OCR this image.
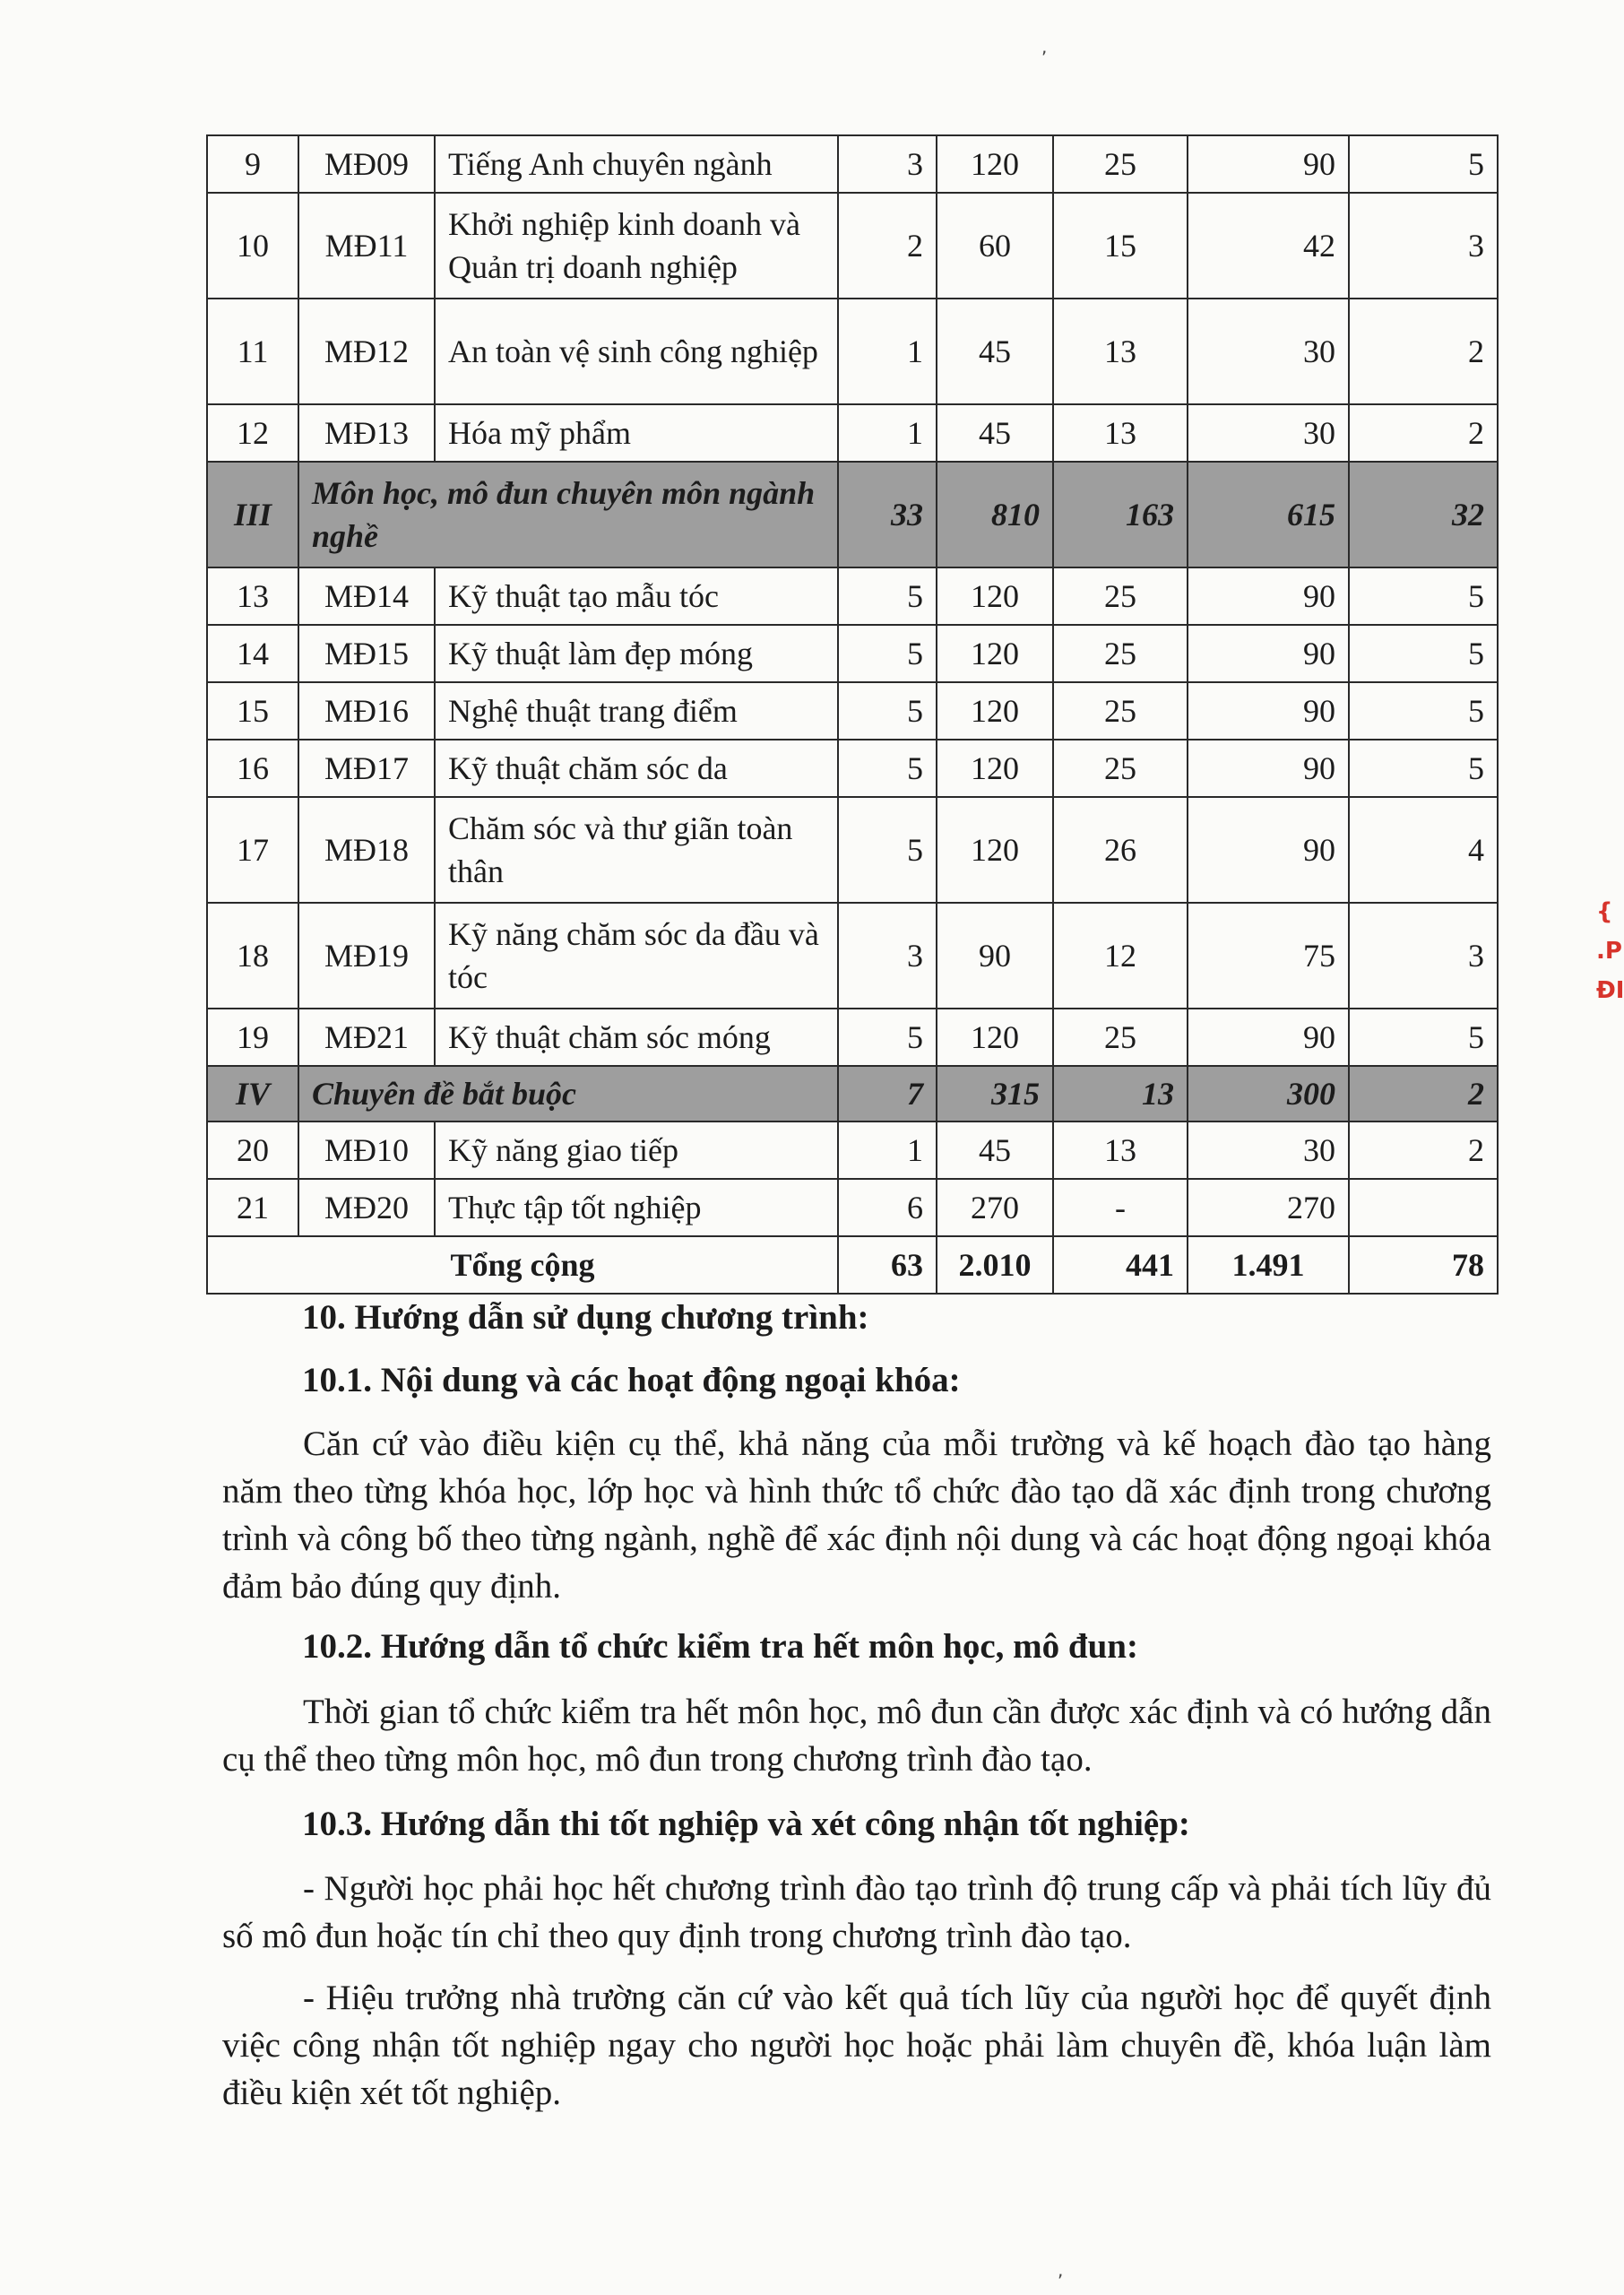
9	MĐ09	Tiếng Anh chuyên ngành	3	120	25	90	5
10	MĐ11	Khởi nghiệp kinh doanh và Quản trị doanh nghiệp	2	60	15	42	3
11	MĐ12	An toàn vệ sinh công nghiệp	1	45	13	30	2
12	MĐ13	Hóa mỹ phẩm	1	45	13	30	2
III	Môn học, mô đun chuyên môn ngành nghề		33	810	163	615	32
13	MĐ14	Kỹ thuật tạo mẫu tóc	5	120	25	90	5
14	MĐ15	Kỹ thuật làm đẹp móng	5	120	25	90	5
15	MĐ16	Nghệ thuật trang điểm	5	120	25	90	5
16	MĐ17	Kỹ thuật chăm sóc da	5	120	25	90	5
17	MĐ18	Chăm sóc và thư giãn toàn thân	5	120	26	90	4
18	MĐ19	Kỹ năng chăm sóc da đầu và tóc	3	90	12	75	3
19	MĐ21	Kỹ thuật chăm sóc móng	5	120	25	90	5
IV	Chuyên đề bắt buộc		7	315	13	300	2
20	MĐ10	Kỹ năng giao tiếp	1	45	13	30	2
21	MĐ20	Thực tập tốt nghiệp	6	270	-	270	
Tổng cộng			63	2.010	441	1.491	78
10. Hướng dẫn sử dụng chương trình:
10.1. Nội dung và các hoạt động ngoại khóa:

Căn cứ vào điều kiện cụ thể, khả năng của mỗi trường và kế hoạch đào tạo hàng năm theo từng khóa học, lớp học và hình thức tổ chức đào tạo dã xác định trong chương trình và công bố theo từng ngành, nghề để xác định nội dung và các hoạt động ngoại khóa đảm bảo đúng quy định.

10.2. Hướng dẫn tổ chức kiểm tra hết môn học, mô đun:

Thời gian tổ chức kiểm tra hết môn học, mô đun cần được xác định và có hướng dẫn cụ thể theo từng môn học, mô đun trong chương trình đào tạo.

10.3. Hướng dẫn thi tốt nghiệp và xét công nhận tốt nghiệp:

- Người học phải học hết chương trình đào tạo trình độ trung cấp và phải tích lũy đủ số mô đun hoặc tín chỉ theo quy định trong chương trình đào tạo.

- Hiệu trưởng nhà trường căn cứ vào kết quả tích lũy của người học để quyết định việc công nhận tốt nghiệp ngay cho người học hoặc phải làm chuyên đề, khóa luận làm điều kiện xét tốt nghiệp.

,
,
{ .P ĐI
